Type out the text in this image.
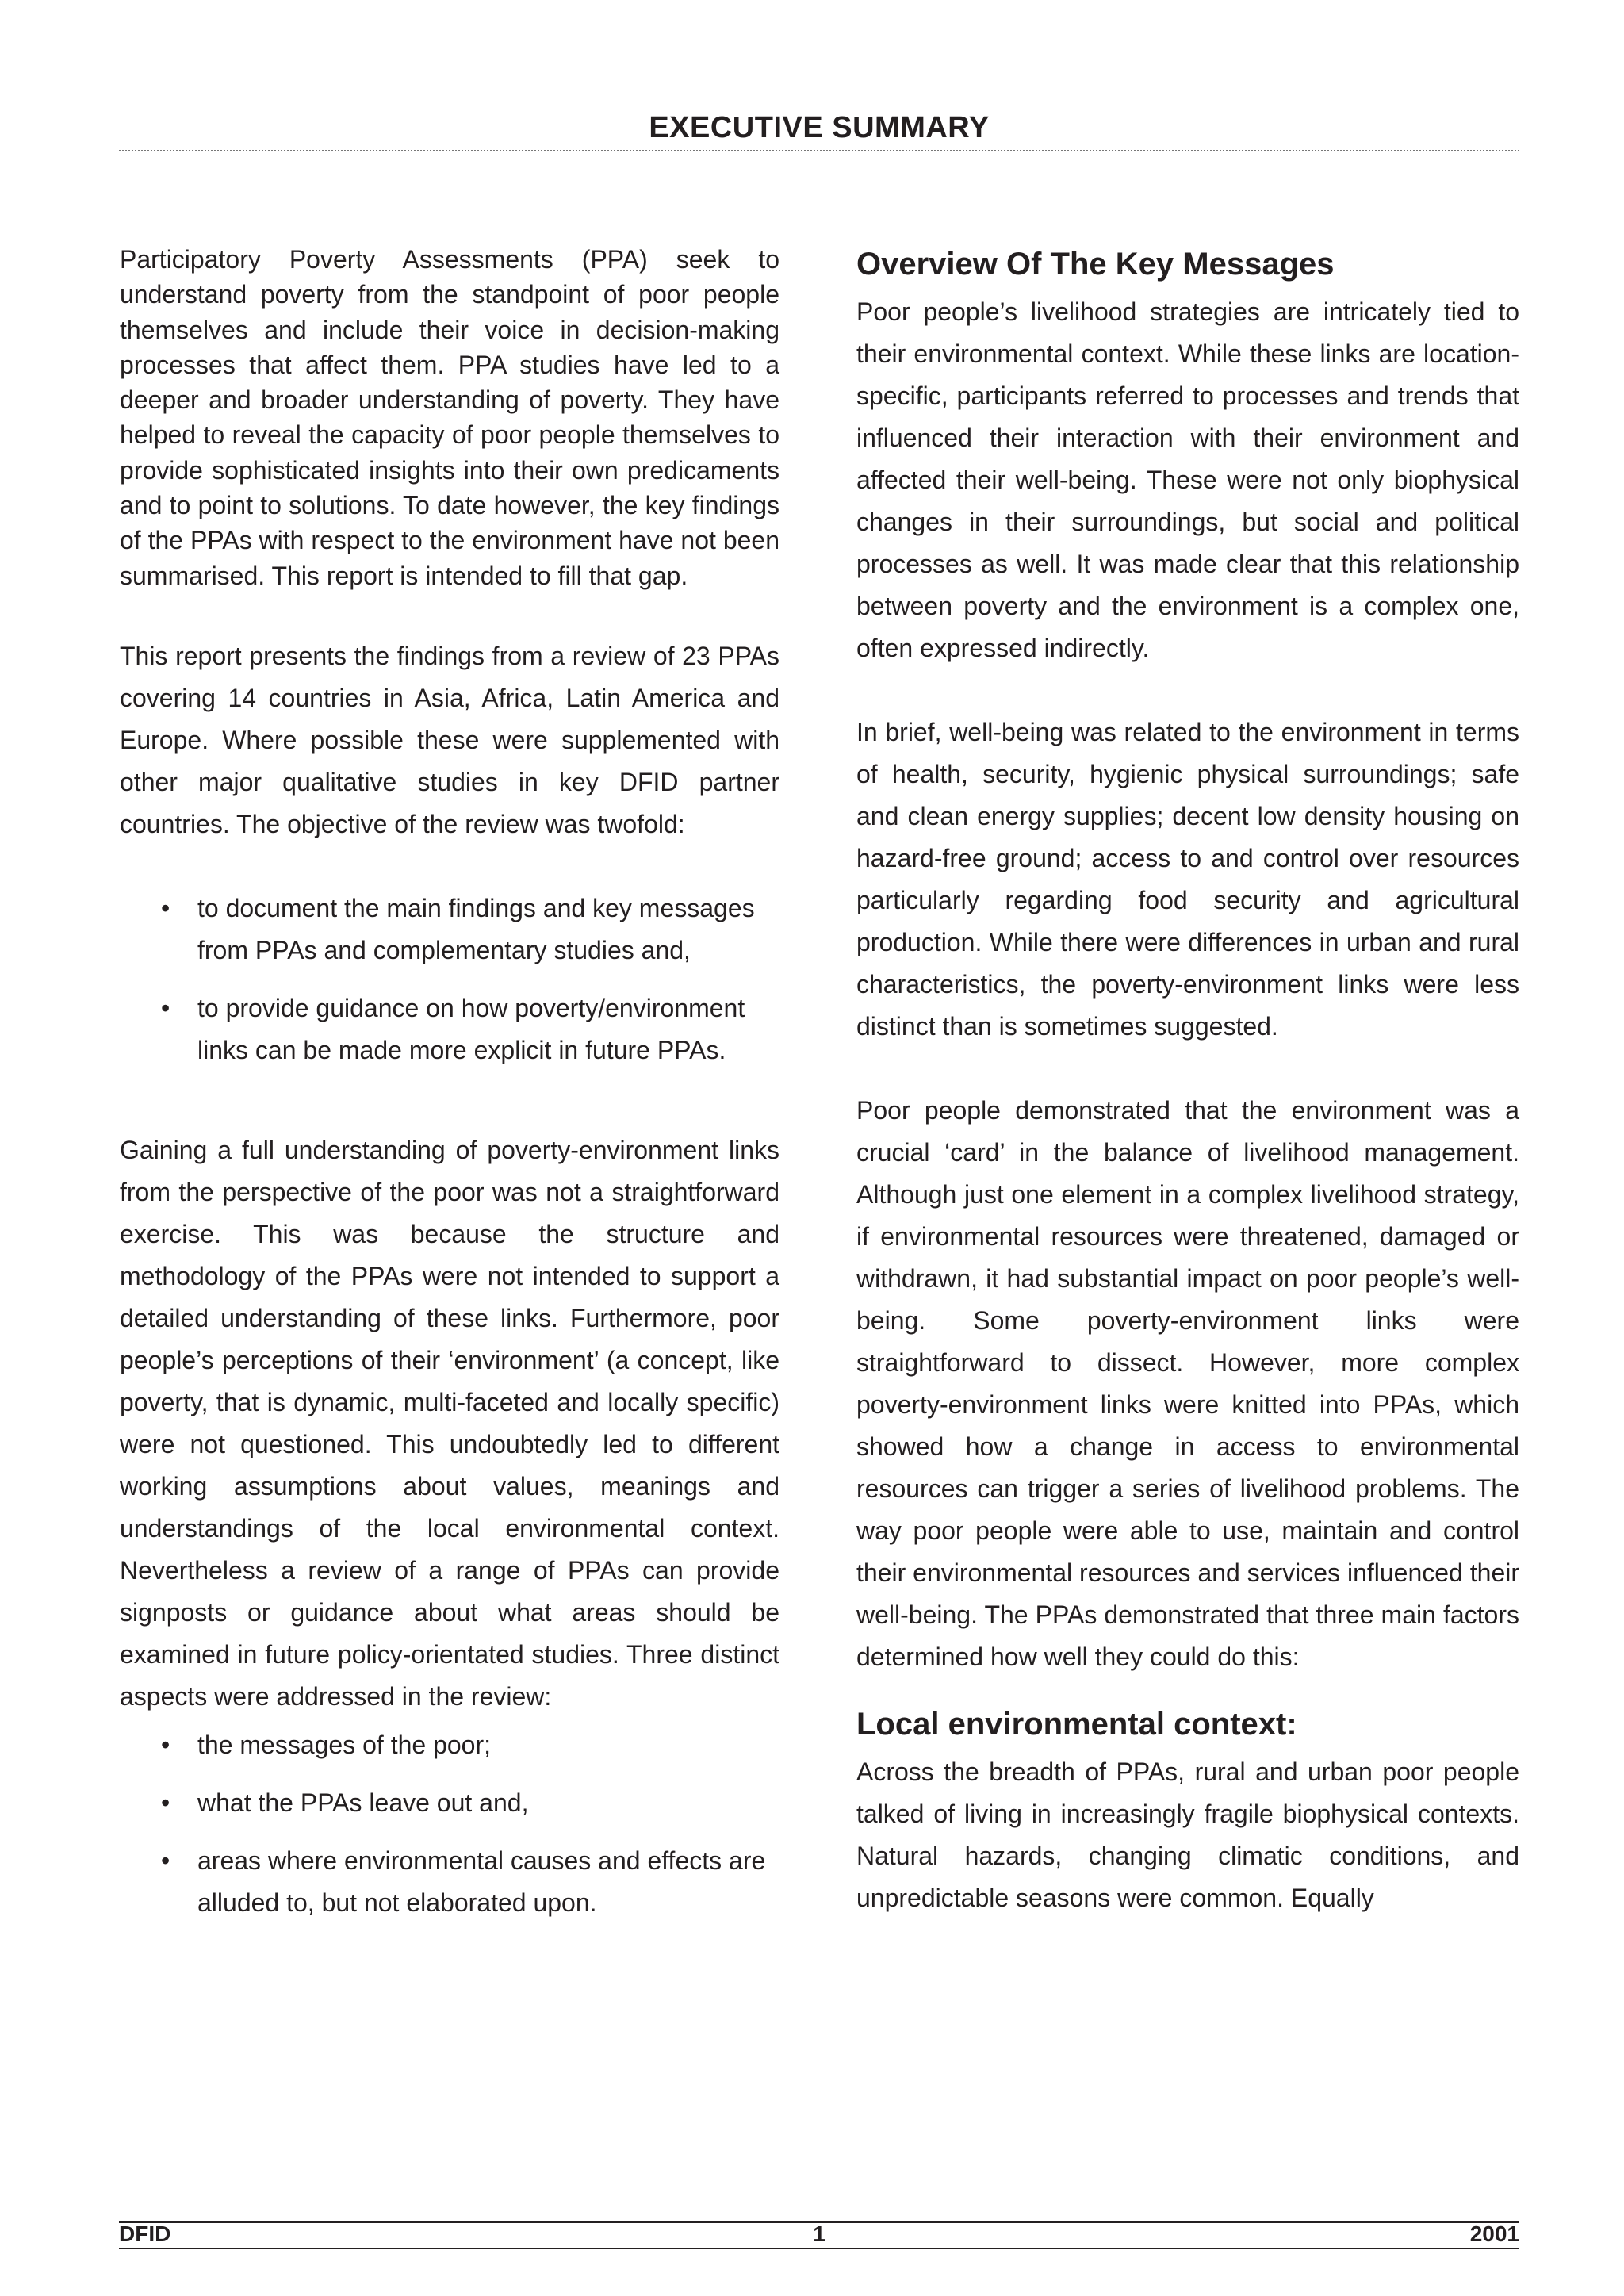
EXECUTIVE SUMMARY

Participatory Poverty Assessments (PPA) seek to understand poverty from the standpoint of poor people themselves and include their voice in decision-making processes that affect them. PPA studies have led to a deeper and broader understanding of poverty. They have helped to reveal the capacity of poor people themselves to provide sophisticated insights into their own predicaments and to point to solutions. To date however, the key findings of the PPAs with respect to the environment have not been summarised. This report is intended to fill that gap.

This report presents the findings from a review of 23 PPAs covering 14 countries in Asia, Africa, Latin America and Europe. Where possible these were supplemented with other major qualitative studies in key DFID partner countries. The objective of the review was twofold:

• to document the main findings and key messages from PPAs and complementary studies and,
• to provide guidance on how poverty/environment links can be made more explicit in future PPAs.

Gaining a full understanding of poverty-environment links from the perspective of the poor was not a straightforward exercise. This was because the structure and methodology of the PPAs were not intended to support a detailed understanding of these links. Furthermore, poor people’s perceptions of their ‘environment’ (a concept, like poverty, that is dynamic, multi-faceted and locally specific) were not questioned. This undoubtedly led to different working assumptions about values, meanings and understandings of the local environmental context. Nevertheless a review of a range of PPAs can provide signposts or guidance about what areas should be examined in future policy-orientated studies. Three distinct aspects were addressed in the review:

• the messages of the poor;
• what the PPAs leave out and,
• areas where environmental causes and effects are alluded to, but not elaborated upon.
Overview Of The Key Messages

Poor people’s livelihood strategies are intricately tied to their environmental context. While these links are location-specific, participants referred to processes and trends that influenced their interaction with their environment and affected their well-being. These were not only biophysical changes in their surroundings, but social and political processes as well. It was made clear that this relationship between poverty and the environment is a complex one, often expressed indirectly.

In brief, well-being was related to the environment in terms of health, security, hygienic physical surroundings; safe and clean energy supplies; decent low density housing on hazard-free ground; access to and control over resources particularly regarding food security and agricultural production. While there were differences in urban and rural characteristics, the poverty-environment links were less distinct than is sometimes suggested.

Poor people demonstrated that the environment was a crucial ‘card’ in the balance of livelihood management. Although just one element in a complex livelihood strategy, if environmental resources were threatened, damaged or withdrawn, it had substantial impact on poor people’s well-being. Some poverty-environment links were straightforward to dissect. However, more complex poverty-environment links were knitted into PPAs, which showed how a change in access to environmental resources can trigger a series of livelihood problems. The way poor people were able to use, maintain and control their environmental resources and services influenced their well-being. The PPAs demonstrated that three main factors determined how well they could do this:

Local environmental context:

Across the breadth of PPAs, rural and urban poor people talked of living in increasingly fragile biophysical contexts. Natural hazards, changing climatic conditions, and unpredictable seasons were common. Equally

DFID	1	2001
